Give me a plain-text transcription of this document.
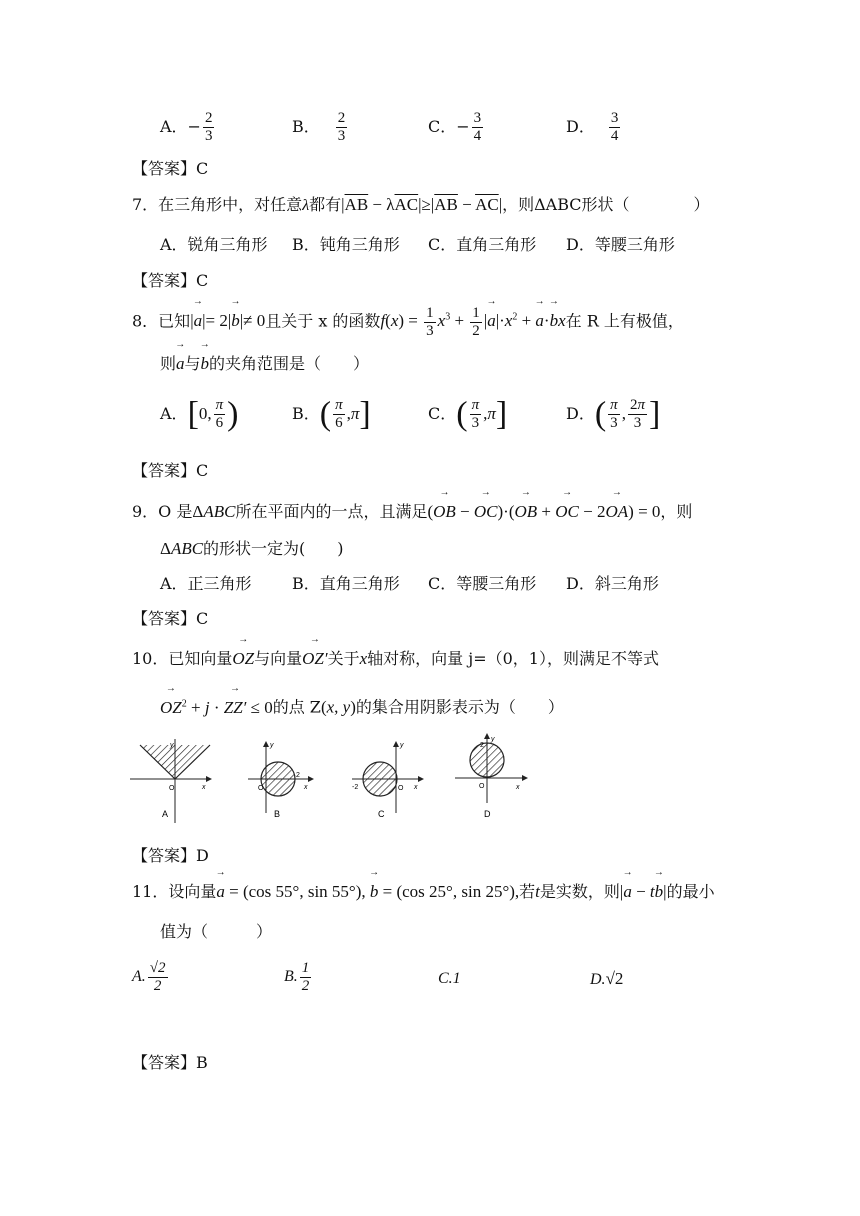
A．− $\frac{2}{3}$	B． $\frac{2}{3}$	C．− $\frac{3}{4}$	D． $\frac{3}{4}$
【答案】C
7．在三角形中，对任意λ都有$|\overline{AB} - \lambda\overline{AC}|\ge|\overline{AB} - \overline{AC}|$，则ΔABC形状（　　　　）
A．锐角三角形 B．钝角三角形 C．直角三角形 D．等腰三角形
【答案】C
8．已知|→ a|= 2|→ b|≠ 0且关于 x 的函数$f(x) = \frac{1}{3} x^3 + \frac{1}{2}$ |→ $a|\cdot x^2$ + → a·→ bx在 R 上有极值，
则→ a与→ b的夹角范围是（　　）
A．[0, $\frac{\pi}{6}$ )	B．( $\frac{\pi}{6} ,\pi$]	C．( $\frac{\pi}{3} ,\pi$]	D．( $\frac{\pi}{3}$ , $\frac{2\pi}{3}$ ]
【答案】C
9．O 是ΔABC所在平面内的一点，且满足(→ OB − → OC)·(→ OB + → OC − 2→ OA) = 0，则
ΔABC的形状一定为(　　)
A．正三角形	B．直角三角形 C．等腰三角形 D．斜三角形
【答案】C
10．已知向量→ OZ与向量→ OZ′关于x轴对称，向量 j=（0，1），则满足不等式
→ $OZ^2 + j$ · → ZZ′ ≤ 0的点 Z(x, y)的集合用阴影表示为（　　）
O
y
x
A
O
2
y
x
B
-2	O
y
x
C
2
y
O	x
D
【答案】D
11．设向量→ a = (cos 55°, sin 55°), → b = (cos 25°, sin 25°),若t是实数，则|→ a − t→ b|的最小
值为（　　　）
A. $\frac{√2}{2}$	B. $\frac{1}{2}$	C.1	D.√2
【答案】B
